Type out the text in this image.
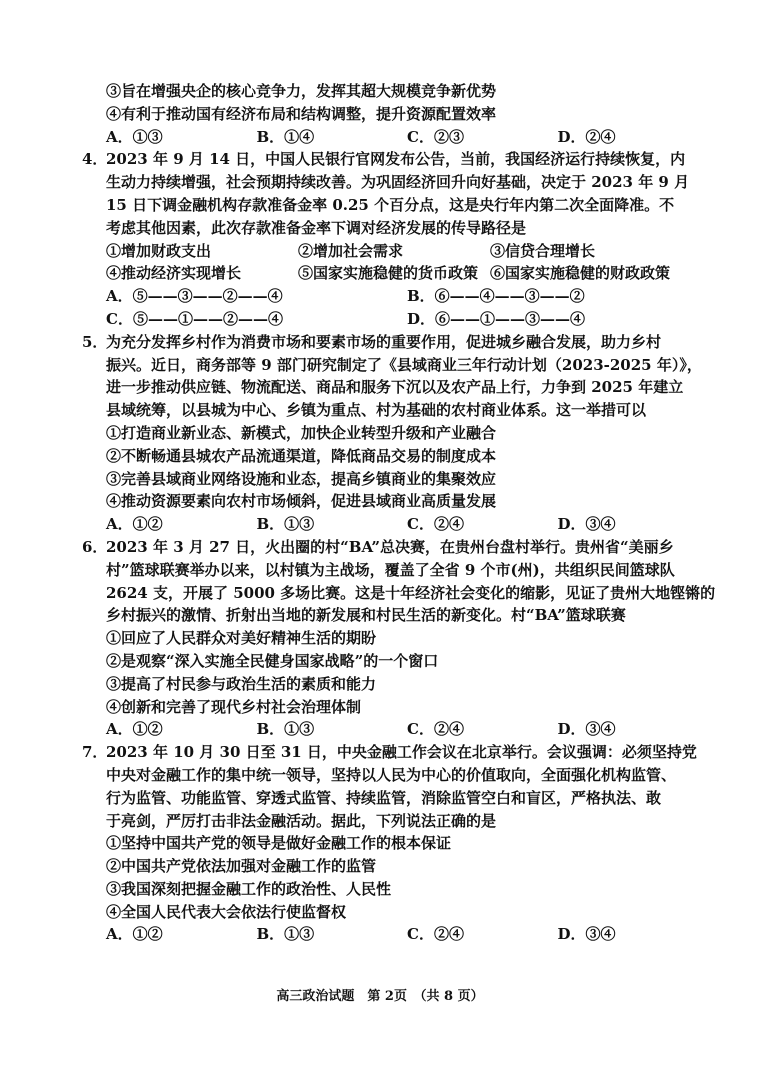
③旨在增强央企的核心竞争力，发挥其超大规模竞争新优势
④有利于推动国有经济布局和结构调整，提升资源配置效率
A．①③	B．①④	C．②③	D．②④
4．2023 年 9 月 14 日，中国人民银行官网发布公告，当前，我国经济运行持续恢复，内
生动力持续增强，社会预期持续改善。为巩固经济回升向好基础，决定于 2023 年 9 月
15 日下调金融机构存款准备金率 0.25 个百分点，这是央行年内第二次全面降准。不
考虑其他因素，此次存款准备金率下调对经济发展的传导路径是
①增加财政支出	②增加社会需求	③信贷合理增长
④推动经济实现增长	⑤国家实施稳健的货币政策 ⑥国家实施稳健的财政政策
A．⑤——③——②——④	B．⑥——④——③——②
C．⑤——①——②——④	D．⑥——①——③——④
5．为充分发挥乡村作为消费市场和要素市场的重要作用，促进城乡融合发展，助力乡村
振兴。近日，商务部等 9 部门研究制定了《县域商业三年行动计划（2023-2025 年）》，
进一步推动供应链、物流配送、商品和服务下沉以及农产品上行，力争到 2025 年建立
县域统筹，以县城为中心、乡镇为重点、村为基础的农村商业体系。这一举措可以
①打造商业新业态、新模式，加快企业转型升级和产业融合
②不断畅通县城农产品流通渠道，降低商品交易的制度成本
③完善县域商业网络设施和业态，提高乡镇商业的集聚效应
④推动资源要素向农村市场倾斜，促进县域商业高质量发展
A．①②	B．①③	C．②④	D．③④
6．2023 年 3 月 27 日，火出圈的村“BA”总决赛，在贵州台盘村举行。贵州省“美丽乡
村”篮球联赛举办以来，以村镇为主战场，覆盖了全省 9 个市(州)，共组织民间篮球队
2624 支，开展了 5000 多场比赛。这是十年经济社会变化的缩影，见证了贵州大地铿锵的
乡村振兴的激情、折射出当地的新发展和村民生活的新变化。村“BA”篮球联赛
①回应了人民群众对美好精神生活的期盼
②是观察“深入实施全民健身国家战略”的一个窗口
③提高了村民参与政治生活的素质和能力
④创新和完善了现代乡村社会治理体制
A．①②	B．①③	C．②④	D．③④
7．2023 年 10 月 30 日至 31 日，中央金融工作会议在北京举行。会议强调：必须坚持党
中央对金融工作的集中统一领导，坚持以人民为中心的价值取向，全面强化机构监管、
行为监管、功能监管、穿透式监管、持续监管，消除监管空白和盲区，严格执法、敢
于亮剑，严厉打击非法金融活动。据此，下列说法正确的是
①坚持中国共产党的领导是做好金融工作的根本保证
②中国共产党依法加强对金融工作的监管
③我国深刻把握金融工作的政治性、人民性
④全国人民代表大会依法行使监督权
A．①②	B．①③	C．②④	D．③④
高三政治试题　第 2页　（共 8 页）
